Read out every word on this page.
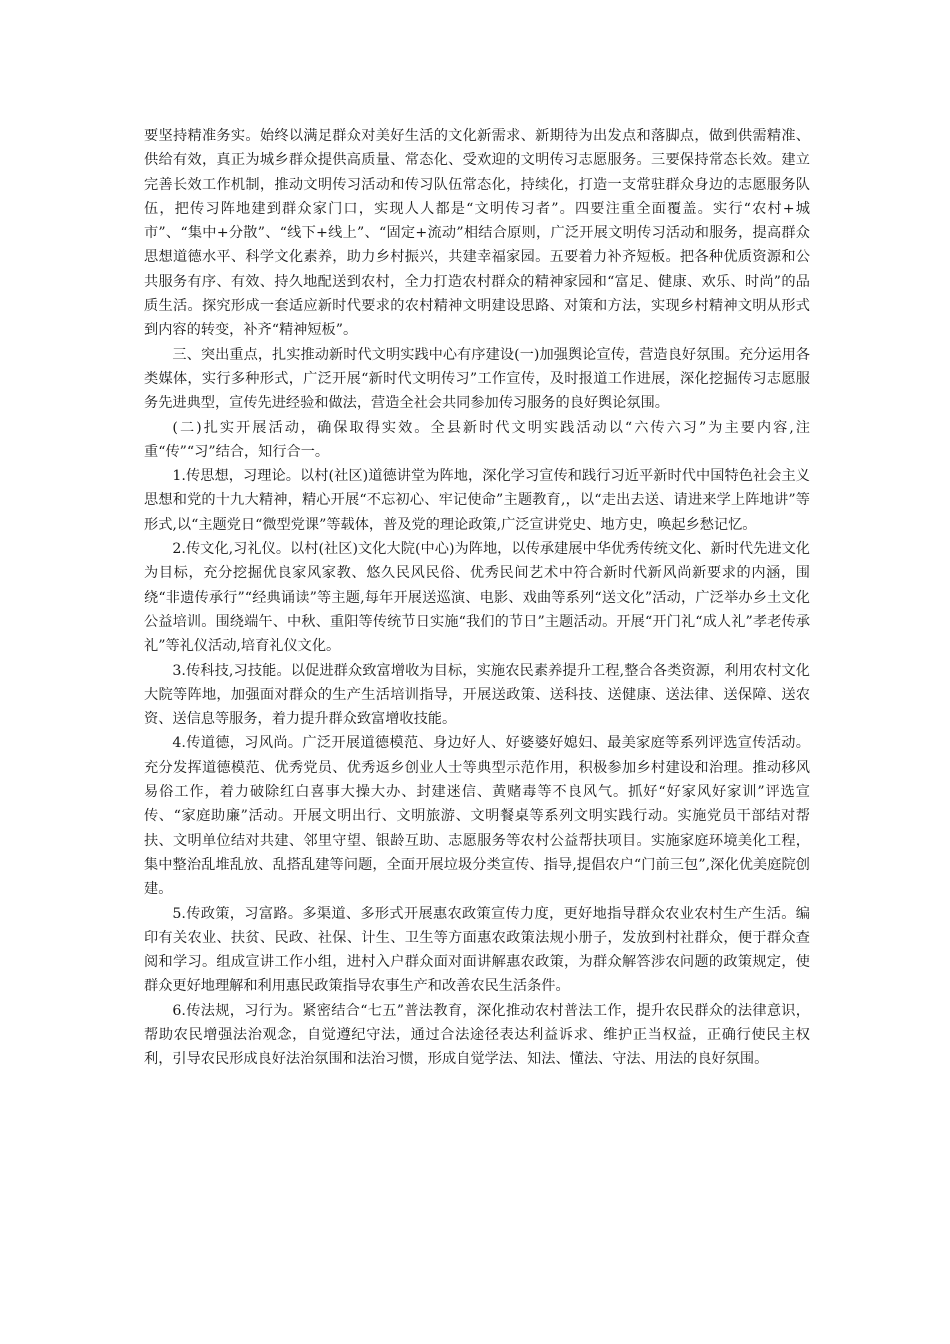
要坚持精准务实。始终以满足群众对美好生活的文化新需求、新期待为出发点和落脚点，做到供需精准、供给有效，真正为城乡群众提供高质量、常态化、受欢迎的文明传习志愿服务。三要保持常态长效。建立完善长效工作机制，推动文明传习活动和传习队伍常态化，持续化，打造一支常驻群众身边的志愿服务队伍，把传习阵地建到群众家门口，实现人人都是“文明传习者”。四要注重全面覆盖。实行“农村+城市”、“集中+分散”、“线下+线上”、“固定+流动”相结合原则，广泛开展文明传习活动和服务，提高群众思想道德水平、科学文化素养，助力乡村振兴，共建幸福家园。五要着力补齐短板。把各种优质资源和公共服务有序、有效、持久地配送到农村，全力打造农村群众的精神家园和“富足、健康、欢乐、时尚”的品质生活。探究形成一套适应新时代要求的农村精神文明建设思路、对策和方法，实现乡村精神文明从形式到内容的转变，补齐“精神短板”。

三、突出重点，扎实推动新时代文明实践中心有序建设(一)加强舆论宣传，营造良好氛围。充分运用各类媒体，实行多种形式，广泛开展“新时代文明传习”工作宣传，及时报道工作进展，深化挖掘传习志愿服务先进典型，宣传先进经验和做法，营造全社会共同参加传习服务的良好舆论氛围。

(二)扎实开展活动，确保取得实效。全县新时代文明实践活动以“六传六习”为主要内容,注重“传”“习”结合，知行合一。

1.传思想，习理论。以村(社区)道德讲堂为阵地，深化学习宣传和践行习近平新时代中国特色社会主义思想和党的十九大精神，精心开展“不忘初心、牢记使命”主题教育,，以“走出去送、请进来学上阵地讲”等形式,以“主题党日“微型党课”等载体，普及党的理论政策,广泛宣讲党史、地方史，唤起乡愁记忆。

2.传文化,习礼仪。以村(社区)文化大院(中心)为阵地，以传承建展中华优秀传统文化、新时代先进文化为目标，充分挖掘优良家风家教、悠久民风民俗、优秀民间艺术中符合新时代新风尚新要求的内涵，围绕“非遗传承行”“经典诵读”等主题,每年开展送巡演、电影、戏曲等系列“送文化”活动，广泛举办乡土文化公益培训。围绕端午、中秋、重阳等传统节日实施“我们的节日”主题活动。开展“开门礼“成人礼”孝老传承礼”等礼仪活动,培育礼仪文化。

3.传科技,习技能。以促进群众致富增收为目标，实施农民素养提升工程,整合各类资源，利用农村文化大院等阵地，加强面对群众的生产生活培训指导，开展送政策、送科技、送健康、送法律、送保障、送农资、送信息等服务，着力提升群众致富增收技能。

4.传道德，习风尚。广泛开展道德模范、身边好人、好婆婆好媳妇、最美家庭等系列评选宣传活动。充分发挥道德模范、优秀党员、优秀返乡创业人士等典型示范作用，积极参加乡村建设和治理。推动移风易俗工作，着力破除红白喜事大操大办、封建迷信、黄赌毒等不良风气。抓好“好家风好家训”评选宣传、“家庭助廉”活动。开展文明出行、文明旅游、文明餐桌等系列文明实践行动。实施党员干部结对帮扶、文明单位结对共建、邻里守望、银龄互助、志愿服务等农村公益帮扶项目。实施家庭环境美化工程，集中整治乱堆乱放、乱搭乱建等问题，全面开展垃圾分类宣传、指导,提倡农户“门前三包”,深化优美庭院创建。

5.传政策，习富路。多渠道、多形式开展惠农政策宣传力度，更好地指导群众农业农村生产生活。编印有关农业、扶贫、民政、社保、计生、卫生等方面惠农政策法规小册子，发放到村社群众，便于群众查阅和学习。组成宣讲工作小组，进村入户群众面对面讲解惠农政策，为群众解答涉农问题的政策规定，使群众更好地理解和利用惠民政策指导农事生产和改善农民生活条件。

6.传法规，习行为。紧密结合“七五”普法教育，深化推动农村普法工作，提升农民群众的法律意识，帮助农民增强法治观念，自觉遵纪守法，通过合法途径表达利益诉求、维护正当权益，正确行使民主权利，引导农民形成良好法治氛围和法治习惯，形成自觉学法、知法、懂法、守法、用法的良好氛围。
